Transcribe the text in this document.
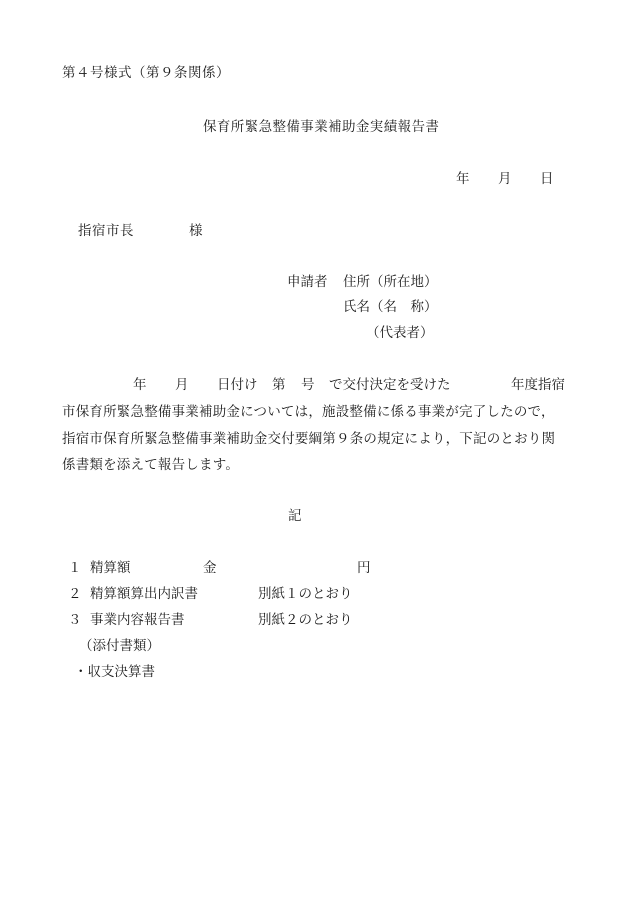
第４号様式（第９条関係）
保育所緊急整備事業補助金実績報告書
年 月 日
指宿市長	様
申請者 住所（所在地）
氏名（名　称）
（代表者）
年 月 日付け 第 号 で交付決定を受けた	年度指宿
市保育所緊急整備事業補助金については，施設整備に係る事業が完了したので，
指宿市保育所緊急整備事業補助金交付要綱第９条の規定により，下記のとおり関
係書類を添えて報告します。
記
１ 精算額	金	円
２ 精算額算出内訳書	別紙１のとおり
３ 事業内容報告書	別紙２のとおり
（添付書類）
・収支決算書
